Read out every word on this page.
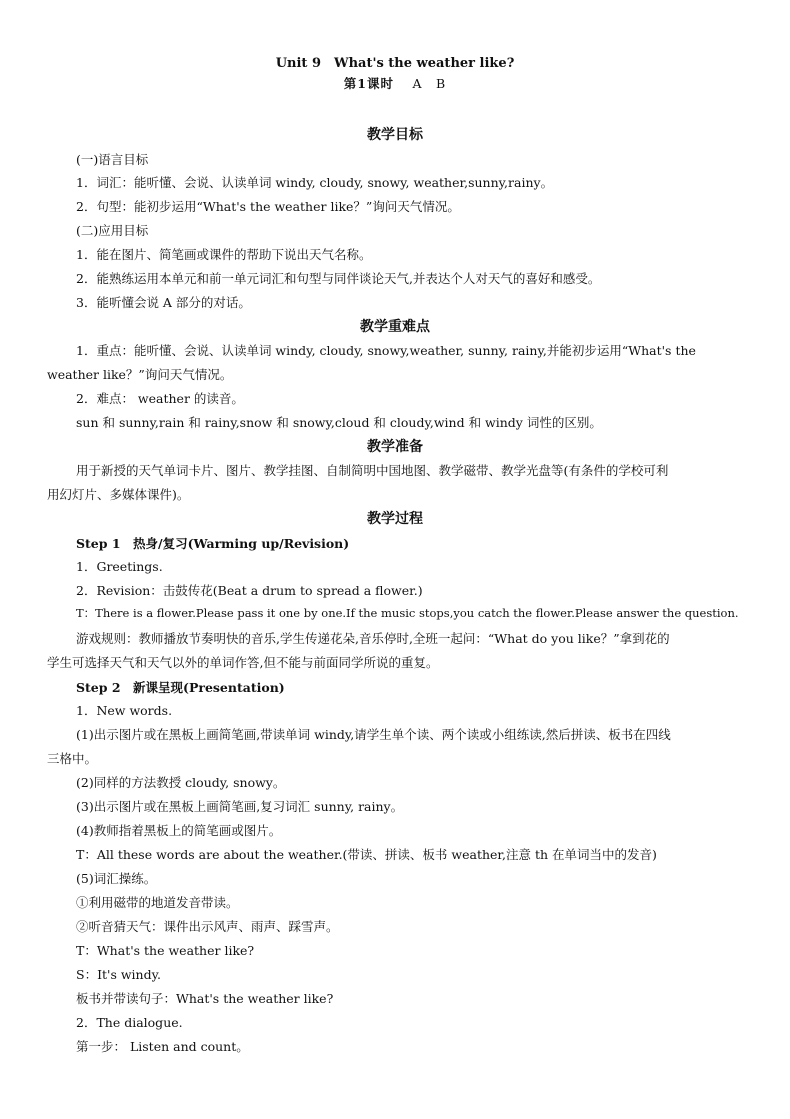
Unit 9　What's the weather like?
第1课时　 A　B
教学目标
(一)语言目标
1．词汇：能听懂、会说、认读单词 windy, cloudy, snowy, weather,sunny,rainy。
2．句型：能初步运用“What's the weather like？”询问天气情况。
(二)应用目标
1．能在图片、简笔画或课件的帮助下说出天气名称。
2．能熟练运用本单元和前一单元词汇和句型与同伴谈论天气,并表达个人对天气的喜好和感受。
3．能听懂会说 A 部分的对话。
教学重难点
1．重点：能听懂、会说、认读单词 windy, cloudy, snowy,weather, sunny, rainy,并能初步运用“What's the
weather like？”询问天气情况。
2．难点： weather 的读音。
sun 和 sunny,rain 和 rainy,snow 和 snowy,cloud 和 cloudy,wind 和 windy 词性的区别。
教学准备
用于新授的天气单词卡片、图片、教学挂图、自制简明中国地图、教学磁带、教学光盘等(有条件的学校可利
用幻灯片、多媒体课件)。
教学过程
Step 1　热身/复习(Warming up/Revision)
1．Greetings.
2．Revision：击鼓传花(Beat a drum to spread a flower.)
T：There is a flower.Please pass it one by one.If the music stops,you catch the flower.Please answer the question.
游戏规则：教师播放节奏明快的音乐,学生传递花朵,音乐停时,全班一起问：“What do you like？”拿到花的
学生可选择天气和天气以外的单词作答,但不能与前面同学所说的重复。
Step 2　新课呈现(Presentation)
1．New words.
(1)出示图片或在黑板上画简笔画,带读单词 windy,请学生单个读、两个读或小组练读,然后拼读、板书在四线
三格中。
(2)同样的方法教授 cloudy, snowy。
(3)出示图片或在黑板上画简笔画,复习词汇 sunny, rainy。
(4)教师指着黑板上的简笔画或图片。
T：All these words are about the weather.(带读、拼读、板书 weather,注意 th 在单词当中的发音)
(5)词汇操练。
①利用磁带的地道发音带读。
②听音猜天气：课件出示风声、雨声、踩雪声。
T：What's the weather like?
S：It's windy.
板书并带读句子：What's the weather like?
2．The dialogue.
第一步： Listen and count。
